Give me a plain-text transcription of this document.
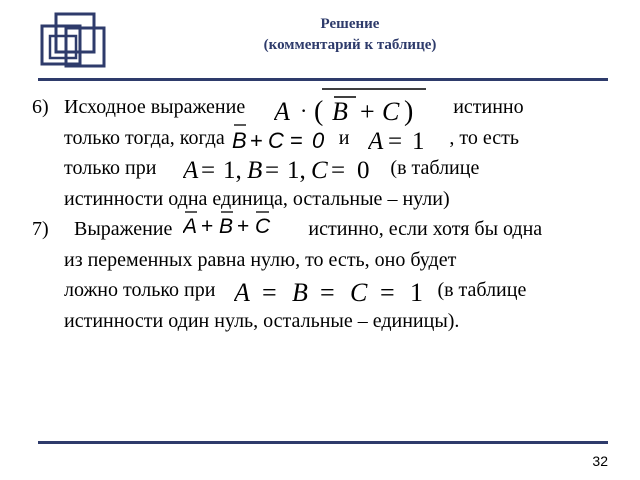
Решение
(комментарий к таблице)
6) Исходное выражение A · ( B + C ) истинно
только тогда, когда B + C = 0 и A = 1 , то есть
только при A = 1, B = 1, C = 0 (в таблице
истинности одна единица, остальные – нули)
7) Выражение A + B + C истинно, если хотя бы одна
из переменных равна нулю, то есть, оно будет
ложно только при A = B = C = 1 (в таблице
истинности один нуль, остальные – единицы).
32
